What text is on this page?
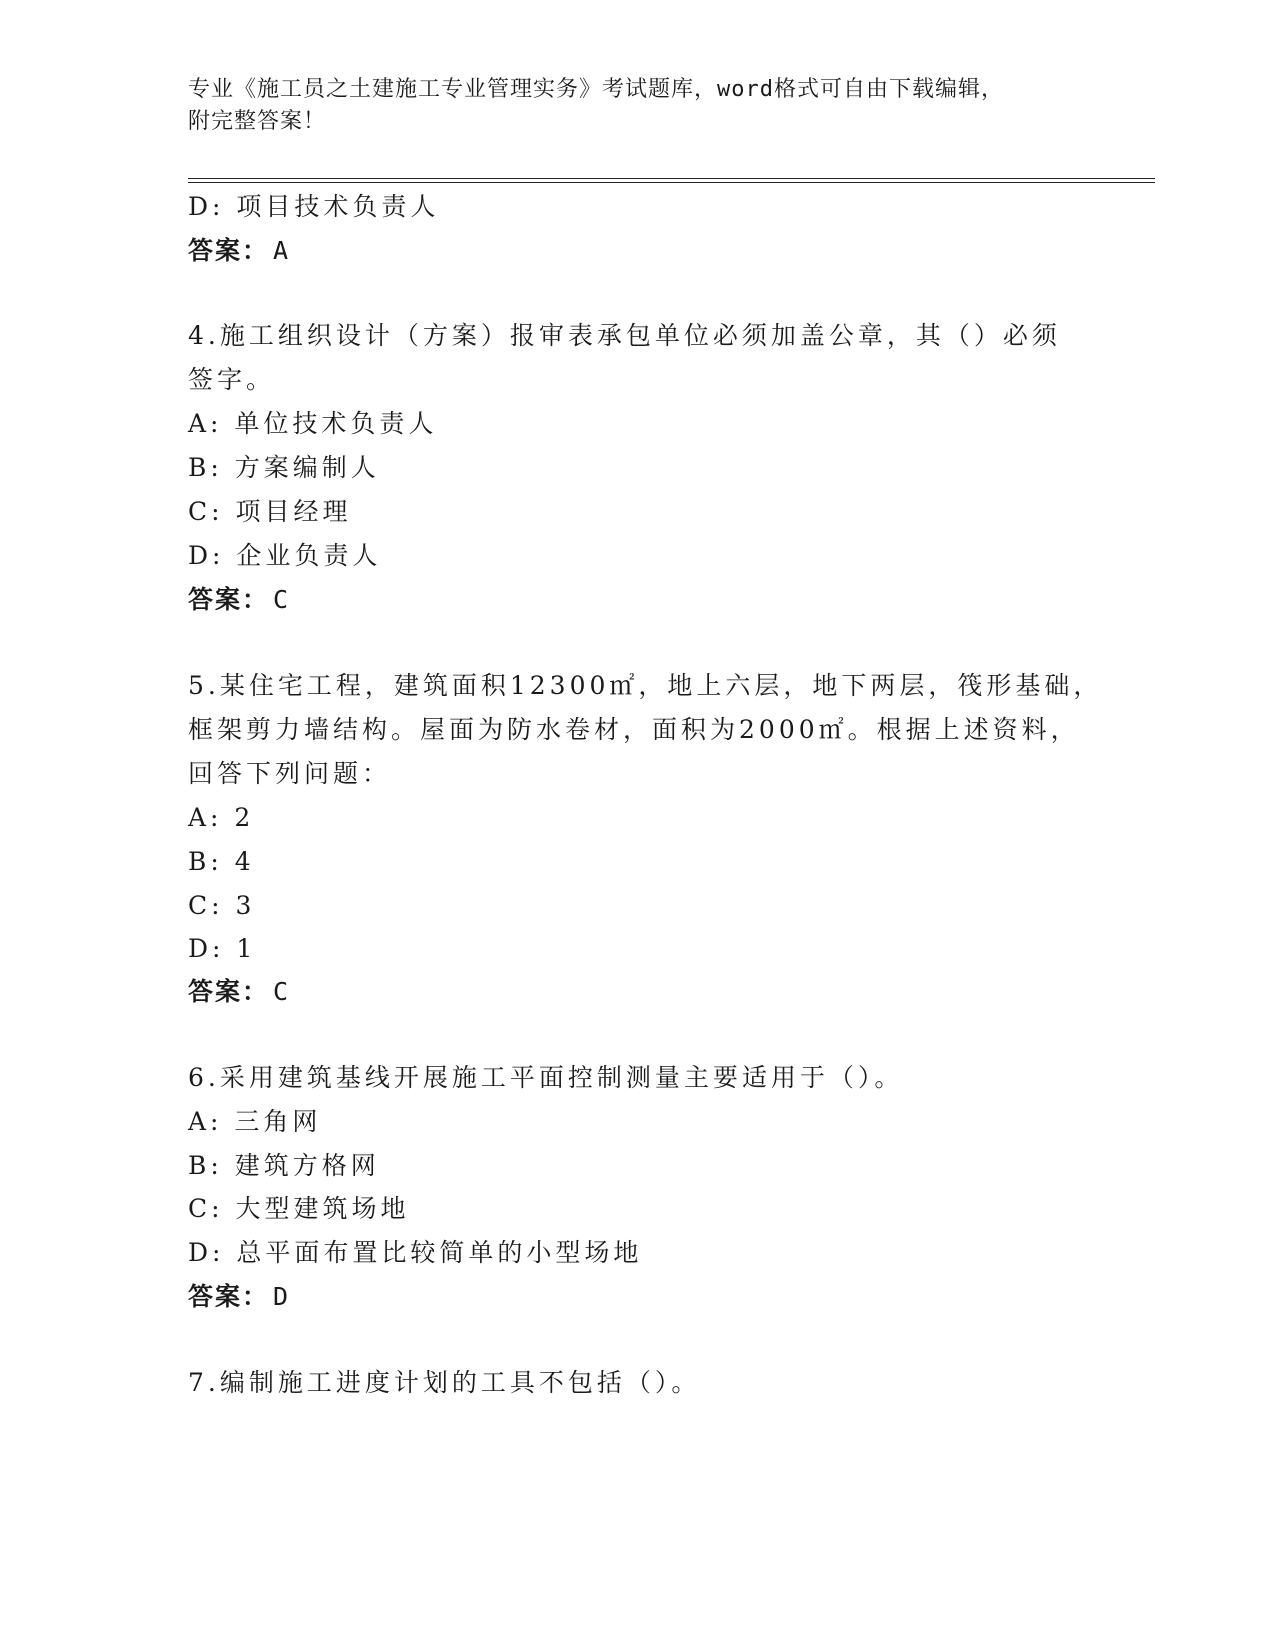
专业《施工员之土建施工专业管理实务》考试题库，word格式可自由下载编辑，
附完整答案！
D: 项目技术负责人
答案： A
4.施工组织设计（方案）报审表承包单位必须加盖公章，其（）必须
签字。
A: 单位技术负责人
B: 方案编制人
C: 项目经理
D: 企业负责人
答案： C
5.某住宅工程，建筑面积12300㎡，地上六层，地下两层，筏形基础，
框架剪力墙结构。屋面为防水卷材，面积为2000㎡。根据上述资料，
回答下列问题：
A: 2
B: 4
C: 3
D: 1
答案： C
6.采用建筑基线开展施工平面控制测量主要适用于（）。
A: 三角网
B: 建筑方格网
C: 大型建筑场地
D: 总平面布置比较简单的小型场地
答案： D
7.编制施工进度计划的工具不包括（）。
